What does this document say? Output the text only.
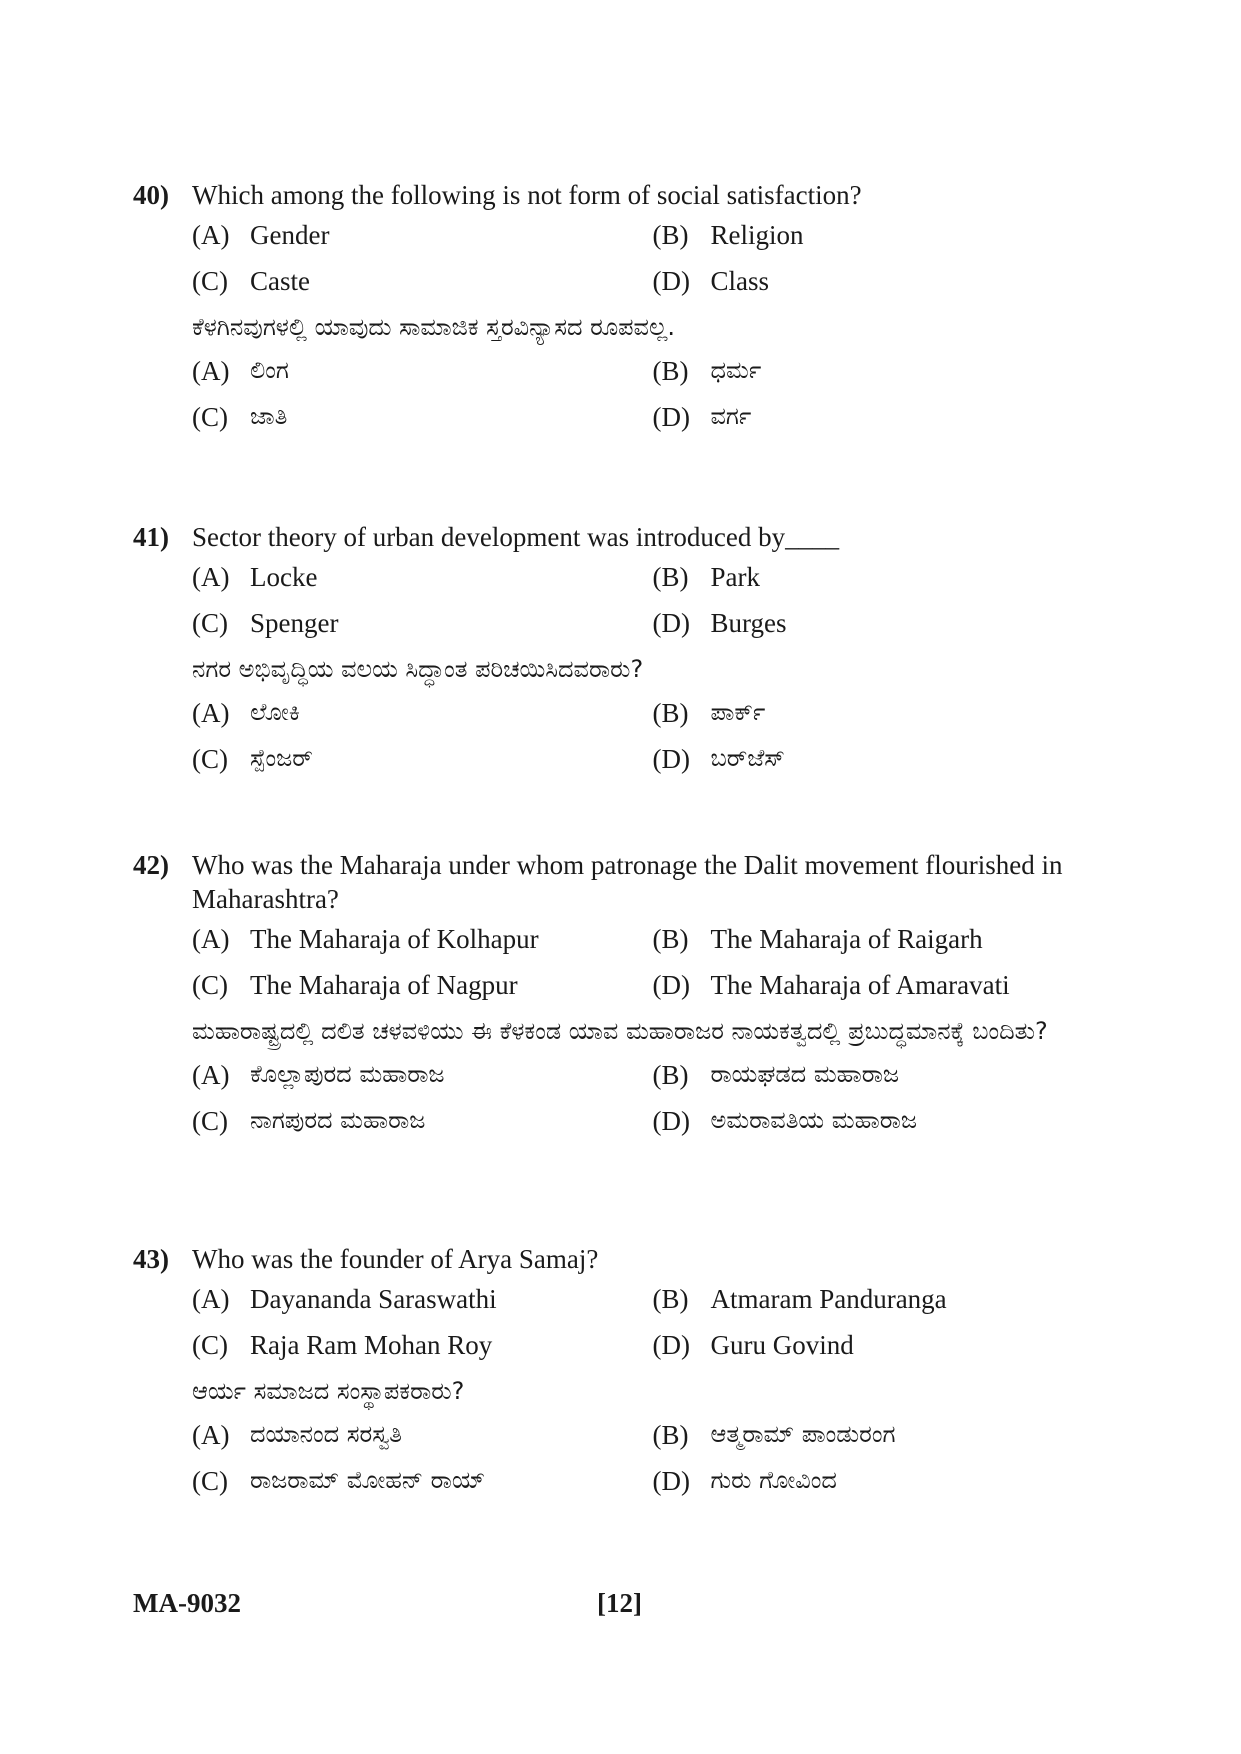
40) Which among the following is not form of social satisfaction?
(A) Gender	(B) Religion
(C) Caste	(D) Class
ಕೆಳಗಿನವುಗಳಲ್ಲಿ ಯಾವುದು ಸಾಮಾಜಿಕ ಸ್ತರವಿನ್ಯಾಸದ ರೂಪವಲ್ಲ.
(A) ಲಿಂಗ	(B) ಧರ್ಮ
(C) ಜಾತಿ	(D) ವರ್ಗ
41) Sector theory of urban development was introduced by____
(A) Locke	(B) Park
(C) Spenger	(D) Burges
ನಗರ ಅಭಿವೃದ್ಧಿಯ ವಲಯ ಸಿದ್ಧಾಂತ ಪರಿಚಯಿಸಿದವರಾರು?
(A) ಲೋಕಿ	(B) ಪಾರ್ಕ್
(C) ಸ್ಪೆಂಜರ್	(D) ಬರ್‌ಜೆಸ್
42) Who was the Maharaja under whom patronage the Dalit movement flourished in Maharashtra?
(A) The Maharaja of Kolhapur	(B) The Maharaja of Raigarh
(C) The Maharaja of Nagpur	(D) The Maharaja of Amaravati
ಮಹಾರಾಷ್ಟ್ರದಲ್ಲಿ ದಲಿತ ಚಳವಳಿಯು ಈ ಕೆಳಕಂಡ ಯಾವ ಮಹಾರಾಜರ ನಾಯಕತ್ವದಲ್ಲಿ ಪ್ರಬುದ್ಧಮಾನಕ್ಕೆ ಬಂದಿತು?
(A) ಕೊಲ್ಲಾಪುರದ ಮಹಾರಾಜ	(B) ರಾಯಘಡದ ಮಹಾರಾಜ
(C) ನಾಗಪುರದ ಮಹಾರಾಜ	(D) ಅಮರಾವತಿಯ ಮಹಾರಾಜ
43) Who was the founder of Arya Samaj?
(A) Dayananda Saraswathi	(B) Atmaram Panduranga
(C) Raja Ram Mohan Roy	(D) Guru Govind
ಆರ್ಯ ಸಮಾಜದ ಸಂಸ್ಥಾಪಕರಾರು?
(A) ದಯಾನಂದ ಸರಸ್ವತಿ	(B) ಆತ್ಮರಾಮ್ ಪಾಂಡುರಂಗ
(C) ರಾಜರಾಮ್ ಮೋಹನ್ ರಾಯ್	(D) ಗುರು ಗೋವಿಂದ
MA-9032	[12]
